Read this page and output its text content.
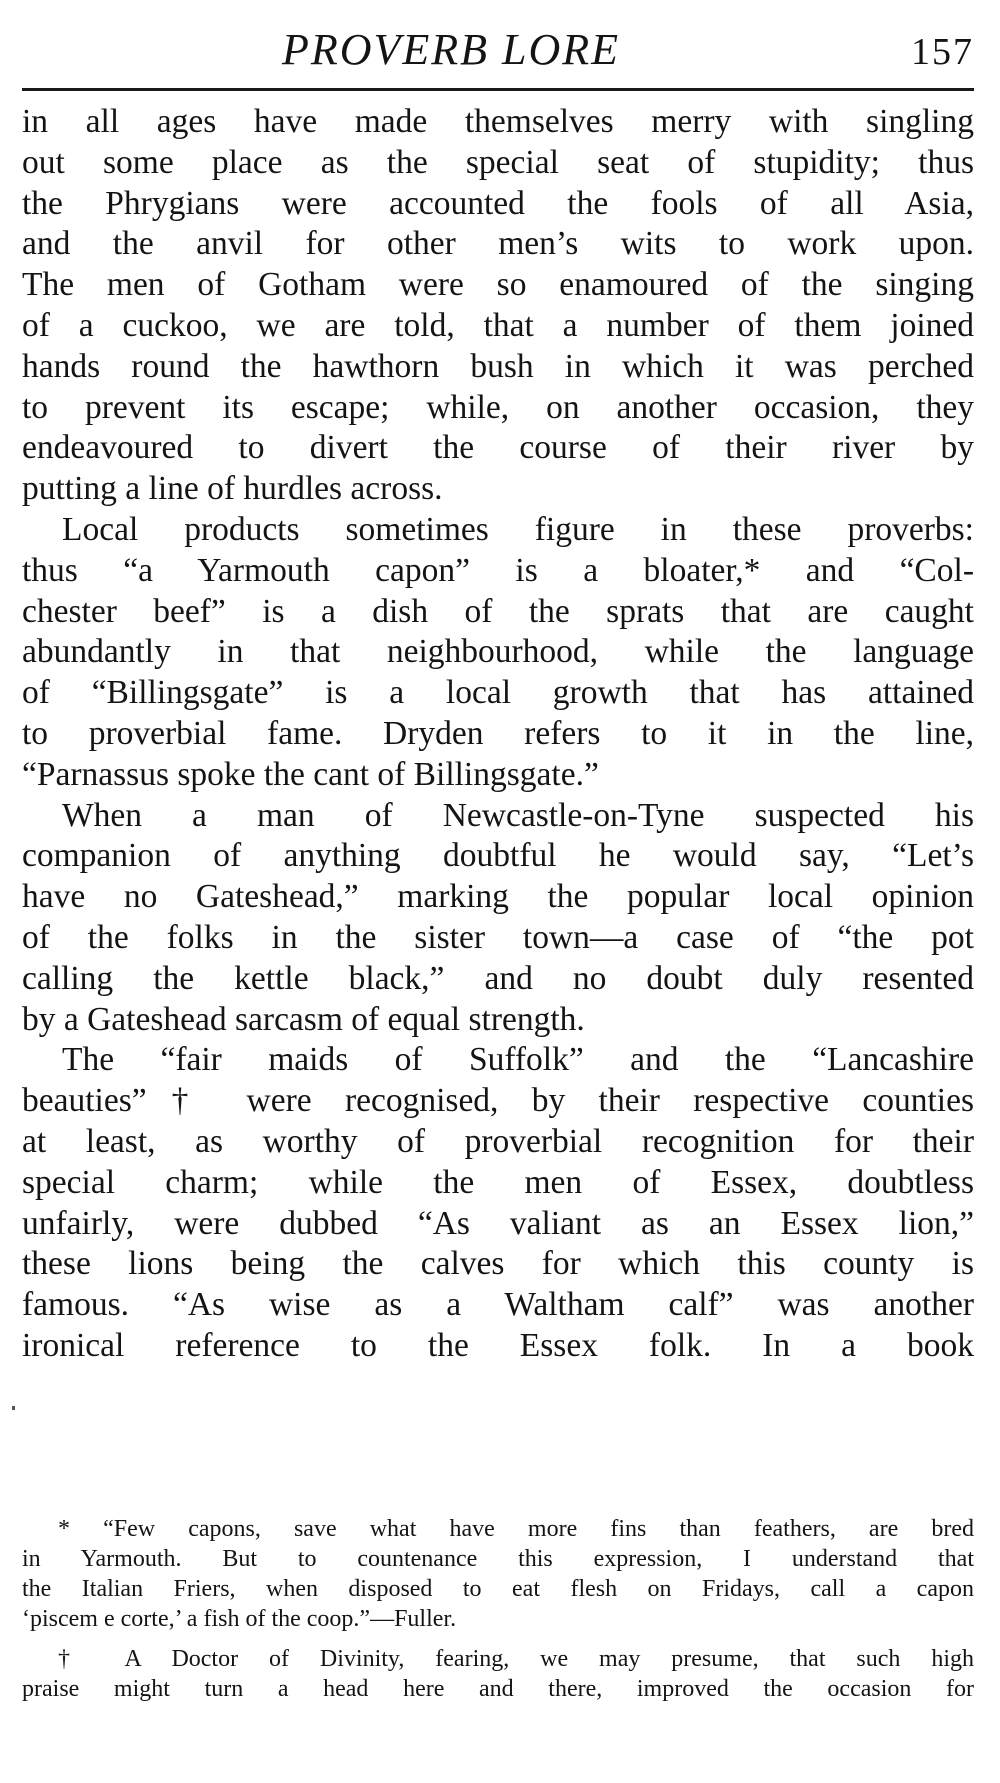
PROVERB LORE	157
in all ages have made themselves merry with singling
out some place as the special seat of stupidity; thus
the Phrygians were accounted the fools of all Asia,
and the anvil for other men’s wits to work upon.
The men of Gotham were so enamoured of the singing
of a cuckoo, we are told, that a number of them joined
hands round the hawthorn bush in which it was perched
to prevent its escape; while, on another occasion, they
endeavoured to divert the course of their river by
putting a line of hurdles across.
Local products sometimes figure in these proverbs:
thus “a Yarmouth capon” is a bloater,* and “Col-
chester beef” is a dish of the sprats that are caught
abundantly in that neighbourhood, while the language
of “Billingsgate” is a local growth that has attained
to proverbial fame. Dryden refers to it in the line,
“Parnassus spoke the cant of Billingsgate.”
When a man of Newcastle-on-Tyne suspected his
companion of anything doubtful he would say, “Let’s
have no Gateshead,” marking the popular local opinion
of the folks in the sister town—a case of “the pot
calling the kettle black,” and no doubt duly resented
by a Gateshead sarcasm of equal strength.
The “fair maids of Suffolk” and the “Lancashire
beauties”† were recognised, by their respective counties
at least, as worthy of proverbial recognition for their
special charm; while the men of Essex, doubtless
unfairly, were dubbed “As valiant as an Essex lion,”
these lions being the calves for which this county is
famous. “As wise as a Waltham calf” was another
ironical reference to the Essex folk. In a book
* “Few capons, save what have more fins than feathers, are bred
in Yarmouth. But to countenance this expression, I understand that
the Italian Friers, when disposed to eat flesh on Fridays, call a capon
‘piscem e corte,’ a fish of the coop.”—Fuller.
† A Doctor of Divinity, fearing, we may presume, that such high
praise might turn a head here and there, improved the occasion for
